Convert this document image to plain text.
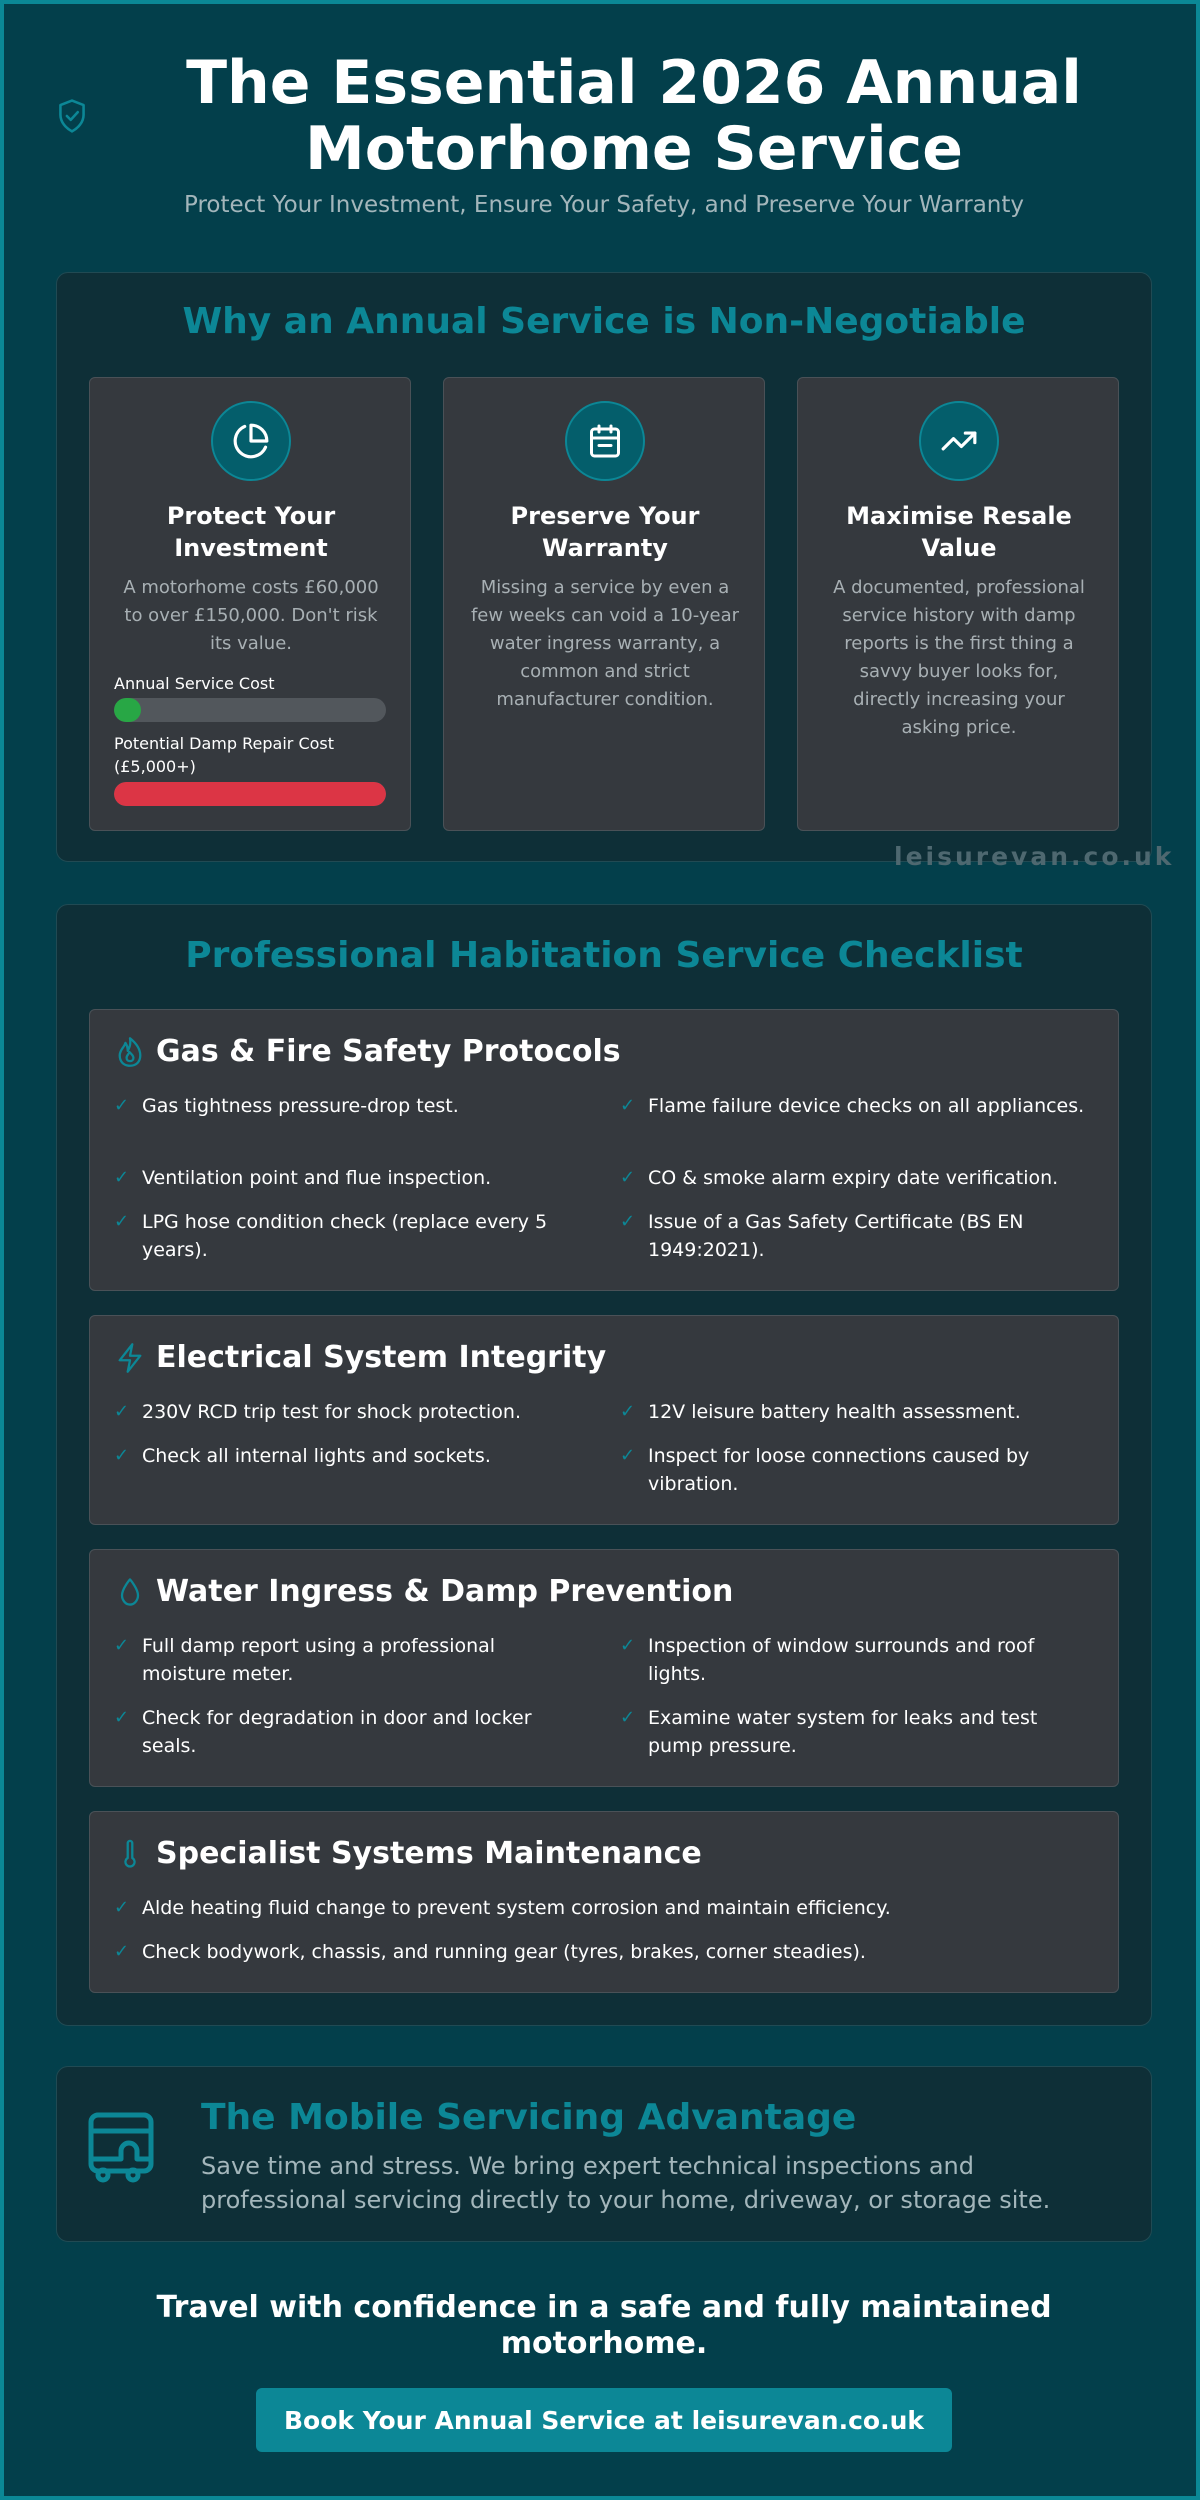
The Essential 2026 Annual Motorhome Service
Protect Your Investment, Ensure Your Safety, and Preserve Your Warranty
Why an Annual Service is Non-Negotiable
Protect Your Investment

A motorhome costs £60,000 to over £150,000. Don't risk its value.

Annual Service Cost
Potential Damp Repair Cost (£5,000+)
Preserve Your Warranty

Missing a service by even a few weeks can void a 10-year water ingress warranty, a common and strict manufacturer condition.

Maximise Resale Value

A documented, professional service history with damp reports is the first thing a savvy buyer looks for, directly increasing your asking price.

leisurevan.co.uk
Professional Habitation Service Checklist
Gas & Fire Safety Protocols
✓ Gas tightness pressure-drop test.	✓ Flame failure device checks on all appliances.
✓ Ventilation point and flue inspection.	✓ CO & smoke alarm expiry date verification.
✓ LPG hose condition check (replace every 5 years).
✓ Issue of a Gas Safety Certificate (BS EN 1949:2021).
Electrical System Integrity
✓ 230V RCD trip test for shock protection.	✓ 12V leisure battery health assessment.
✓ Check all internal lights and sockets.	✓ Inspect for loose connections caused by vibration.
Water Ingress & Damp Prevention
✓ Full damp report using a professional moisture meter.
✓ Inspection of window surrounds and roof lights.
✓ Check for degradation in door and locker seals.
✓ Examine water system for leaks and test pump pressure.
Specialist Systems Maintenance
✓ Alde heating fluid change to prevent system corrosion and maintain efficiency.
✓ Check bodywork, chassis, and running gear (tyres, brakes, corner steadies).
The Mobile Servicing Advantage

Save time and stress. We bring expert technical inspections and professional servicing directly to your home, driveway, or storage site.

Travel with confidence in a safe and fully maintained motorhome.
Book Your Annual Service at leisurevan.co.uk
